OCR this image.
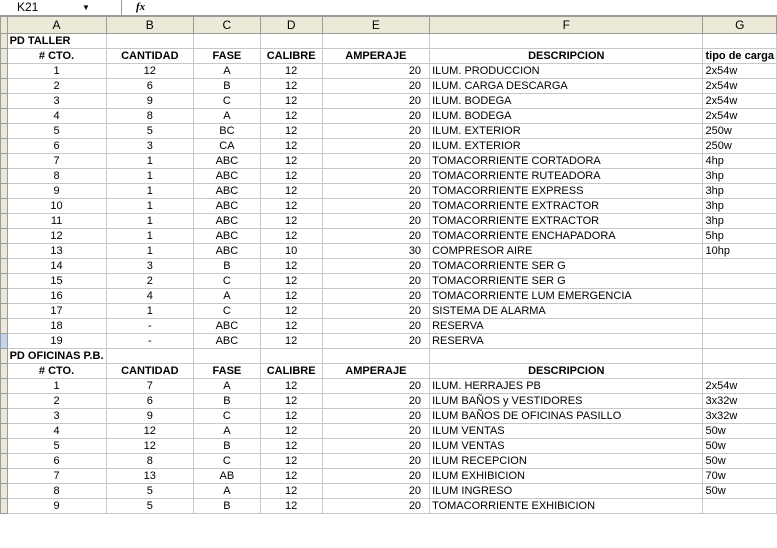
K21	▼	fx
	A	B	C	D	E	F	G
	PD TALLER						
	# CTO.	CANTIDAD	FASE	CALIBRE	AMPERAJE	DESCRIPCION	tipo de carga
	1	12	A	12	20	ILUM. PRODUCCION	2x54w
	2	6	B	12	20	ILUM. CARGA DESCARGA	2x54w
	3	9	C	12	20	ILUM. BODEGA	2x54w
	4	8	A	12	20	ILUM. BODEGA	2x54w
	5	5	BC	12	20	ILUM. EXTERIOR	250w
	6	3	CA	12	20	ILUM. EXTERIOR	250w
	7	1	ABC	12	20	TOMACORRIENTE CORTADORA	4hp
	8	1	ABC	12	20	TOMACORRIENTE RUTEADORA	3hp
	9	1	ABC	12	20	TOMACORRIENTE EXPRESS	3hp
	10	1	ABC	12	20	TOMACORRIENTE EXTRACTOR	3hp
	11	1	ABC	12	20	TOMACORRIENTE EXTRACTOR	3hp
	12	1	ABC	12	20	TOMACORRIENTE ENCHAPADORA	5hp
	13	1	ABC	10	30	COMPRESOR AIRE	10hp
	14	3	B	12	20	TOMACORRIENTE SER G	
	15	2	C	12	20	TOMACORRIENTE SER G	
	16	4	A	12	20	TOMACORRIENTE LUM EMERGENCIA	
	17	1	C	12	20	SISTEMA DE ALARMA	
	18	-	ABC	12	20	RESERVA	
	19	-	ABC	12	20	RESERVA	
	PD OFICINAS P.B.						
	# CTO.	CANTIDAD	FASE	CALIBRE	AMPERAJE	DESCRIPCION	
	1	7	A	12	20	ILUM. HERRAJES PB	2x54w
	2	6	B	12	20	ILUM BAÑOS y VESTIDORES	3x32w
	3	9	C	12	20	ILUM BAÑOS DE OFICINAS PASILLO	3x32w
	4	12	A	12	20	ILUM VENTAS	50w
	5	12	B	12	20	ILUM VENTAS	50w
	6	8	C	12	20	ILUM RECEPCION	50w
	7	13	AB	12	20	ILUM EXHIBICION	70w
	8	5	A	12	20	ILUM INGRESO	50w
	9	5	B	12	20	TOMACORRIENTE EXHIBICION	
